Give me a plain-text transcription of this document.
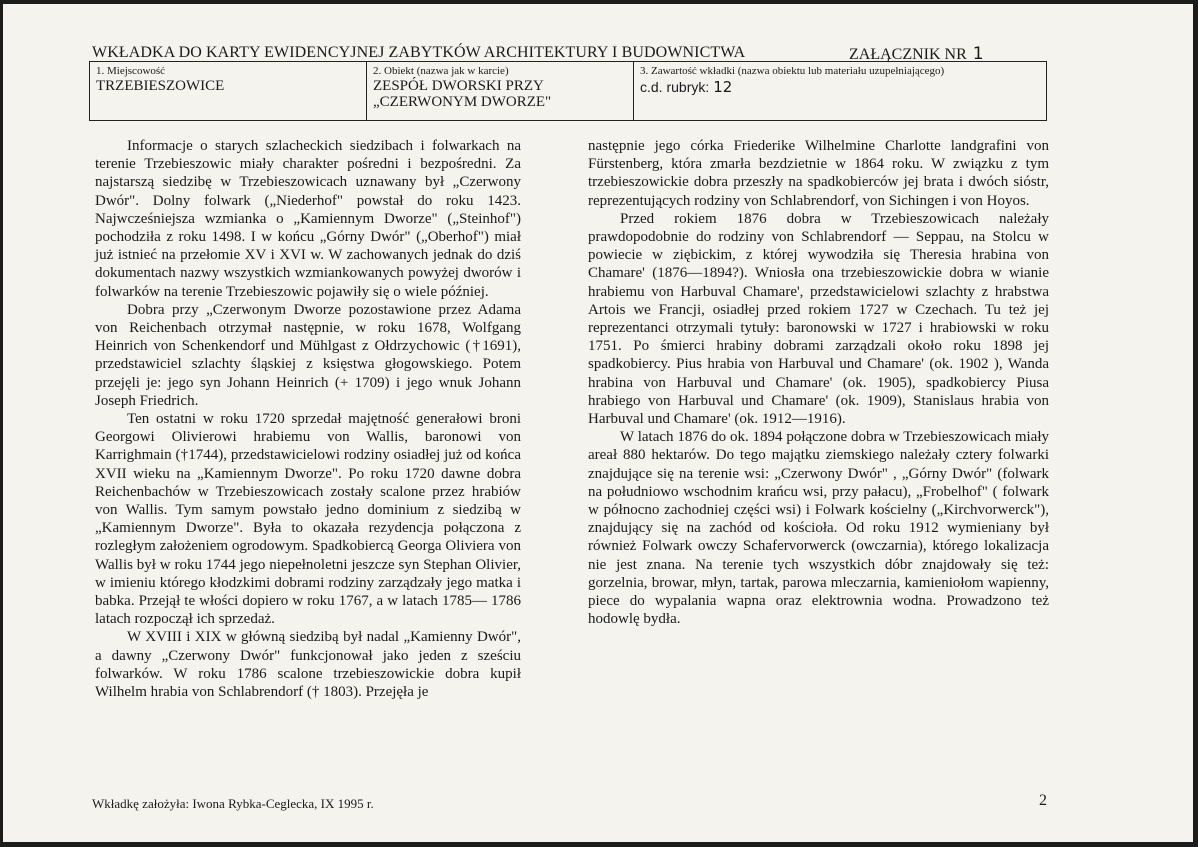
WKŁADKA DO KARTY EWIDENCYJNEJ ZABYTKÓW ARCHITEKTURY I BUDOWNICTWA	ZAŁĄCZNIK NR 1
1. Miejscowość
TRZEBIESZOWICE
2. Obiekt (nazwa jak w karcie)
ZESPÓŁ DWORSKI PRZY
„CZERWONYM DWORZE"
3. Zawartość wkładki (nazwa obiektu lub materiału uzupełniającego)
c.d. rubryk: 12

Informacje o starych szlacheckich siedzibach i folwarkach na terenie Trzebieszowic miały charakter pośredni i bezpośredni. Za najstarszą siedzibę w Trzebieszowicach uznawany był „Czerwony Dwór". Dolny folwark („Niederhof" powstał do roku 1423. Najwcześniejsza wzmianka o „Kamiennym Dworze" („Steinhof") pochodziła z roku 1498. I w końcu „Górny Dwór" („Oberhof") miał już istnieć na przełomie XV i XVI w. W zachowanych jednak do dziś dokumentach nazwy wszystkich wzmiankowanych powyżej dworów i folwarków na terenie Trzebieszowic pojawiły się o wiele później.

Dobra przy „Czerwonym Dworze pozostawione przez Adama von Reichenbach otrzymał następnie, w roku 1678, Wolfgang Heinrich von Schenkendorf und Mühlgast z Ołdrzychowic (†1691), przedstawiciel szlachty śląskiej z księstwa głogowskiego. Potem przejęli je: jego syn Johann Heinrich (+ 1709) i jego wnuk Johann Joseph Friedrich.

Ten ostatni w roku 1720 sprzedał majętność generałowi broni Georgowi Olivierowi hrabiemu von Wallis, baronowi von Karrighmain (†1744), przedstawicielowi rodziny osiadłej już od końca XVII wieku na „Kamiennym Dworze". Po roku 1720 dawne dobra Reichenbachów w Trzebieszowicach zostały scalone przez hrabiów von Wallis. Tym samym powstało jedno dominium z siedzibą w „Kamiennym Dworze". Była to okazała rezydencja połączona z rozległym założeniem ogrodowym. Spadkobiercą Georga Oliviera von Wallis był w roku 1744 jego niepełnoletni jeszcze syn Stephan Olivier, w imieniu którego kłodzkimi dobrami rodziny zarządzały jego matka i babka. Przejął te włości dopiero w roku 1767, a w latach 1785— 1786 latach rozpoczął ich sprzedaż.

W XVIII i XIX w główną siedzibą był nadal „Kamienny Dwór", a dawny „Czerwony Dwór" funkcjonował jako jeden z sześciu folwarków. W roku 1786 scalone trzebieszowickie dobra kupił Wilhelm hrabia von Schlabrendorf († 1803). Przejęła je

następnie jego córka Friederike Wilhelmine Charlotte landgrafini von Fürstenberg, która zmarła bezdzietnie w 1864 roku. W związku z tym trzebieszowickie dobra przeszły na spadkobierców jej brata i dwóch sióstr, reprezentujących rodziny von Schlabrendorf, von Sichingen i von Hoyos.

Przed rokiem 1876 dobra w Trzebieszowicach należały prawdopodobnie do rodziny von Schlabrendorf — Seppau, na Stolcu w powiecie w ziębickim, z której wywodziła się Theresia hrabina von Chamare' (1876—1894?). Wniosła ona trzebieszowickie dobra w wianie hrabiemu von Harbuval Chamare', przedstawicielowi szlachty z hrabstwa Artois we Francji, osiadłej przed rokiem 1727 w Czechach. Tu też jej reprezentanci otrzymali tytuły: baronowski w 1727 i hrabiowski w roku 1751. Po śmierci hrabiny dobrami zarządzali około roku 1898 jej spadkobiercy. Pius hrabia von Harbuval und Chamare' (ok. 1902 ), Wanda hrabina von Harbuval und Chamare' (ok. 1905), spadkobiercy Piusa hrabiego von Harbuval und Chamare' (ok. 1909), Stanislaus hrabia von Harbuval und Chamare' (ok. 1912—1916).

W latach 1876 do ok. 1894 połączone dobra w Trzebieszowicach miały areał 880 hektarów. Do tego majątku ziemskiego należały cztery folwarki znajdujące się na terenie wsi: „Czerwony Dwór" , „Górny Dwór" (folwark na południowo wschodnim krańcu wsi, przy pałacu), „Frobelhof" ( folwark w północno zachodniej części wsi) i Folwark kościelny („Kirchvorwerck"), znajdujący się na zachód od kościoła. Od roku 1912 wymieniany był również Folwark owczy Schafervorwerck (owczarnia), którego lokalizacja nie jest znana. Na terenie tych wszystkich dóbr znajdowały się też: gorzelnia, browar, młyn, tartak, parowa mleczarnia, kamieniołom wapienny, piece do wypalania wapna oraz elektrownia wodna. Prowadzono też hodowlę bydła.

Wkładkę założyła: Iwona Rybka-Ceglecka, IX 1995 r.	2
